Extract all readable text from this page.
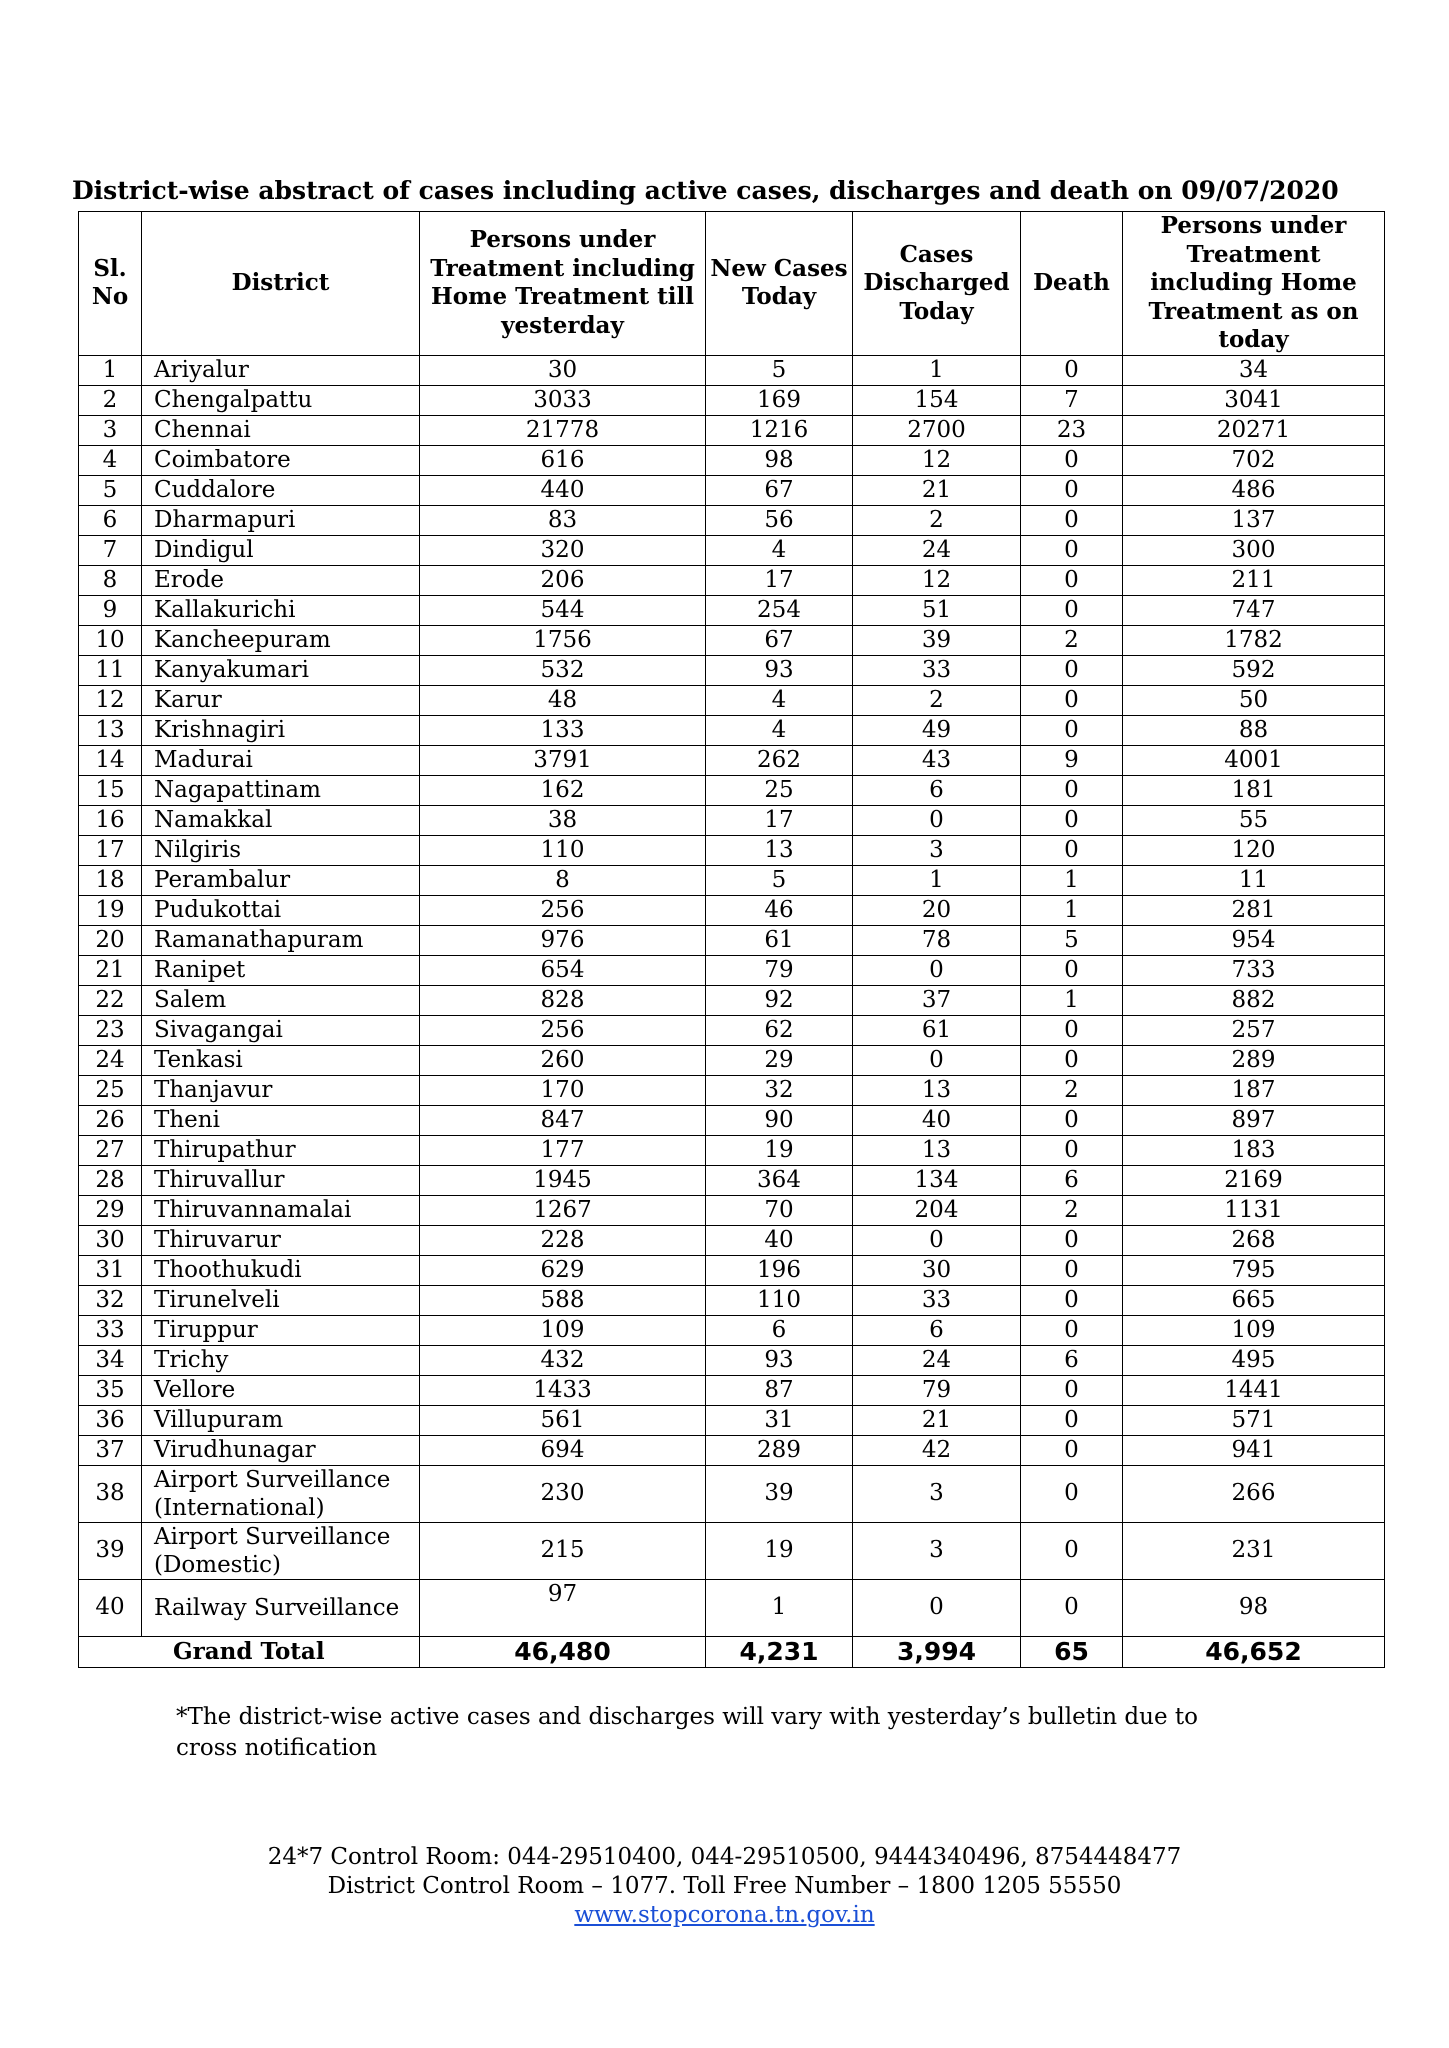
District-wise abstract of cases including active cases, discharges and death on 09/07/2020
Sl. No	District	Persons under Treatment including Home Treatment till yesterday	New Cases Today	Cases Discharged Today	Death	Persons under Treatment including Home Treatment as on today
1	Ariyalur	30	5	1	0	34
2	Chengalpattu	3033	169	154	7	3041
3	Chennai	21778	1216	2700	23	20271
4	Coimbatore	616	98	12	0	702
5	Cuddalore	440	67	21	0	486
6	Dharmapuri	83	56	2	0	137
7	Dindigul	320	4	24	0	300
8	Erode	206	17	12	0	211
9	Kallakurichi	544	254	51	0	747
10	Kancheepuram	1756	67	39	2	1782
11	Kanyakumari	532	93	33	0	592
12	Karur	48	4	2	0	50
13	Krishnagiri	133	4	49	0	88
14	Madurai	3791	262	43	9	4001
15	Nagapattinam	162	25	6	0	181
16	Namakkal	38	17	0	0	55
17	Nilgiris	110	13	3	0	120
18	Perambalur	8	5	1	1	11
19	Pudukottai	256	46	20	1	281
20	Ramanathapuram	976	61	78	5	954
21	Ranipet	654	79	0	0	733
22	Salem	828	92	37	1	882
23	Sivagangai	256	62	61	0	257
24	Tenkasi	260	29	0	0	289
25	Thanjavur	170	32	13	2	187
26	Theni	847	90	40	0	897
27	Thirupathur	177	19	13	0	183
28	Thiruvallur	1945	364	134	6	2169
29	Thiruvannamalai	1267	70	204	2	1131
30	Thiruvarur	228	40	0	0	268
31	Thoothukudi	629	196	30	0	795
32	Tirunelveli	588	110	33	0	665
33	Tiruppur	109	6	6	0	109
34	Trichy	432	93	24	6	495
35	Vellore	1433	87	79	0	1441
36	Villupuram	561	31	21	0	571
37	Virudhunagar	694	289	42	0	941
38	Airport Surveillance
(International)	230	39	3	0	266
39	Airport Surveillance
(Domestic)	215	19	3	0	231
40	Railway Surveillance	97	1	0	0	98
Grand Total		46,480	4,231	3,994	65	46,652
*The district-wise active cases and discharges will vary with yesterday’s bulletin due to cross notification
24*7 Control Room: 044-29510400, 044-29510500, 9444340496, 8754448477
District Control Room – 1077. Toll Free Number – 1800 1205 55550
www.stopcorona.tn.gov.in
